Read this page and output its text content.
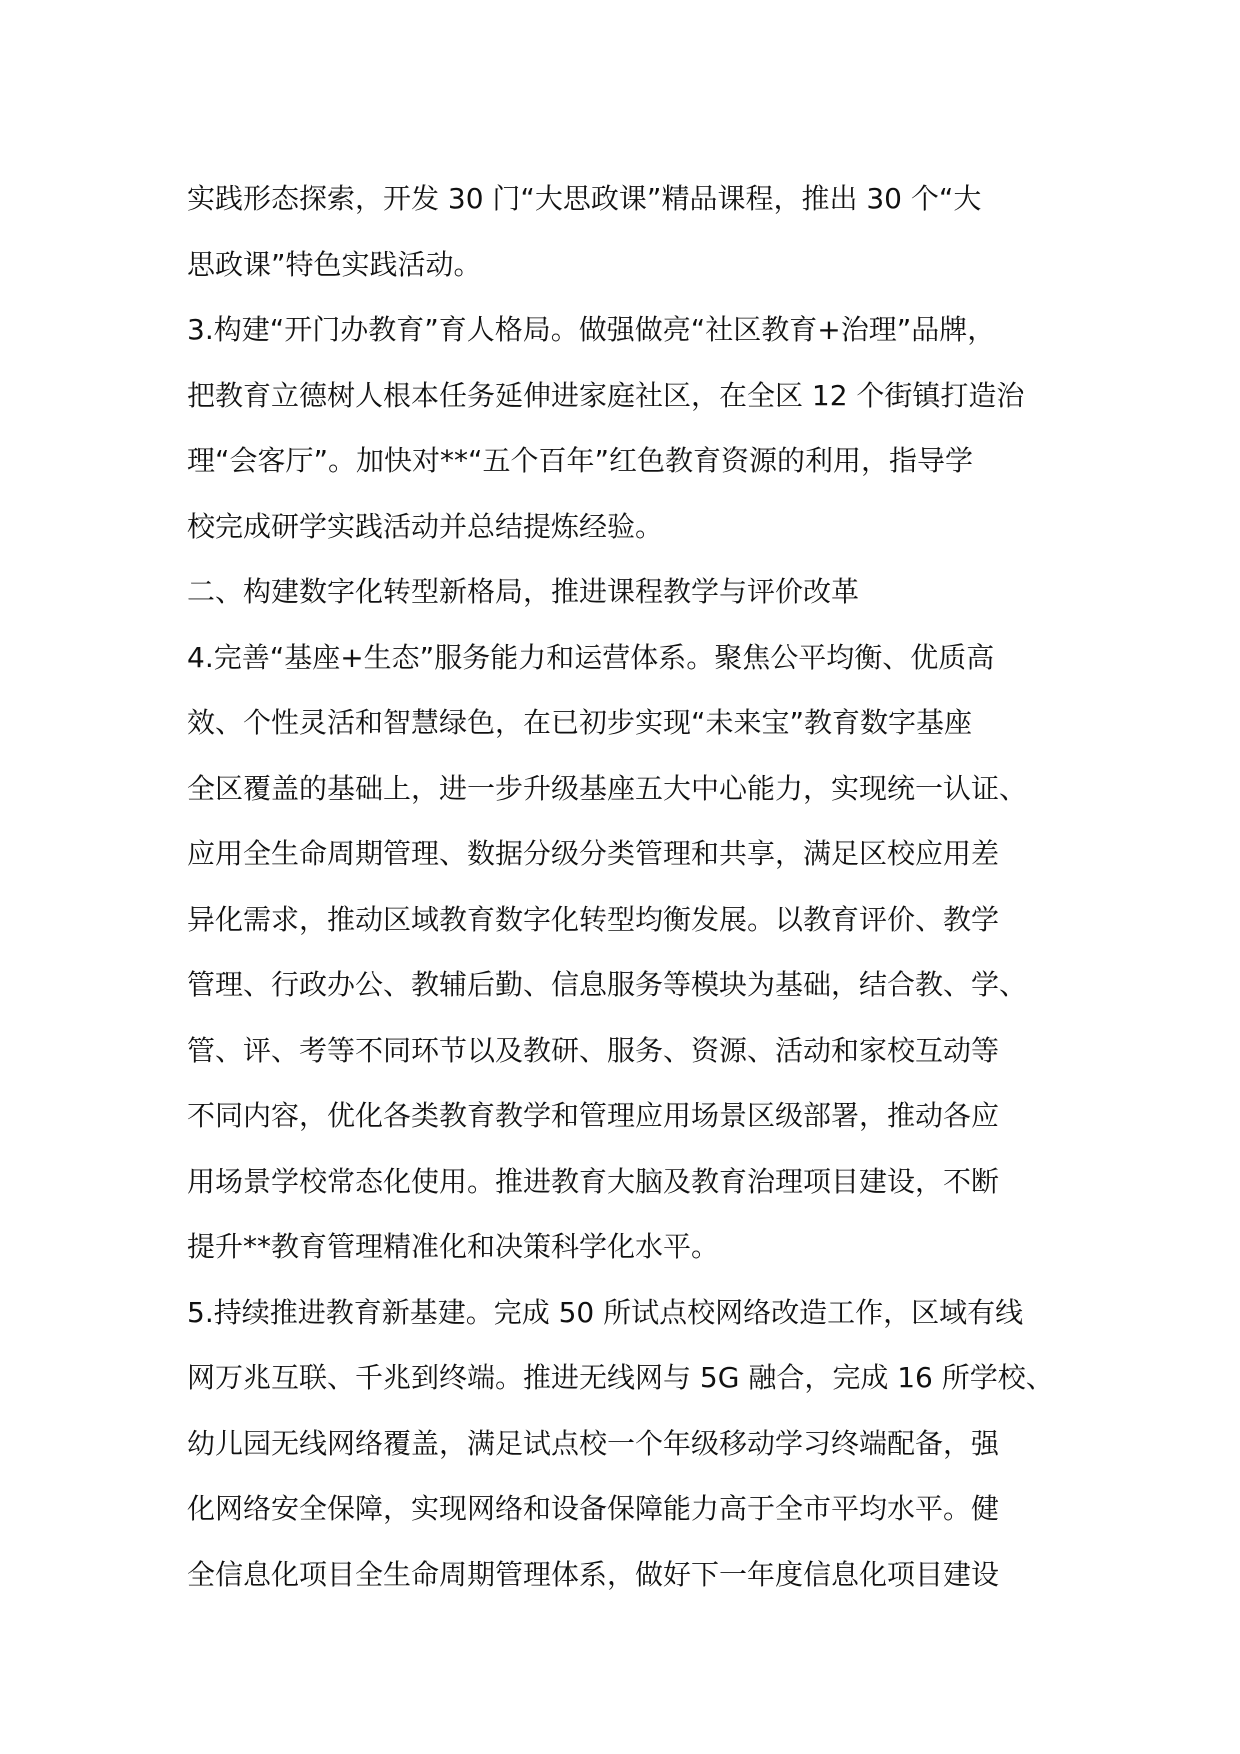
实践形态探索，开发 30 门“大思政课”精品课程，推出 30 个“大
思政课”特色实践活动。
3.构建“开门办教育”育人格局。做强做亮“社区教育+治理”品牌，
把教育立德树人根本任务延伸进家庭社区，在全区 12 个街镇打造治
理“会客厅”。加快对**“五个百年”红色教育资源的利用，指导学
校完成研学实践活动并总结提炼经验。
二、构建数字化转型新格局，推进课程教学与评价改革
4.完善“基座+生态”服务能力和运营体系。聚焦公平均衡、优质高
效、个性灵活和智慧绿色，在已初步实现“未来宝”教育数字基座
全区覆盖的基础上，进一步升级基座五大中心能力，实现统一认证、
应用全生命周期管理、数据分级分类管理和共享，满足区校应用差
异化需求，推动区域教育数字化转型均衡发展。以教育评价、教学
管理、行政办公、教辅后勤、信息服务等模块为基础，结合教、学、
管、评、考等不同环节以及教研、服务、资源、活动和家校互动等
不同内容，优化各类教育教学和管理应用场景区级部署，推动各应
用场景学校常态化使用。推进教育大脑及教育治理项目建设，不断
提升**教育管理精准化和决策科学化水平。
5.持续推进教育新基建。完成 50 所试点校网络改造工作，区域有线
网万兆互联、千兆到终端。推进无线网与 5G 融合，完成 16 所学校、
幼儿园无线网络覆盖，满足试点校一个年级移动学习终端配备，强
化网络安全保障，实现网络和设备保障能力高于全市平均水平。健
全信息化项目全生命周期管理体系，做好下一年度信息化项目建设
